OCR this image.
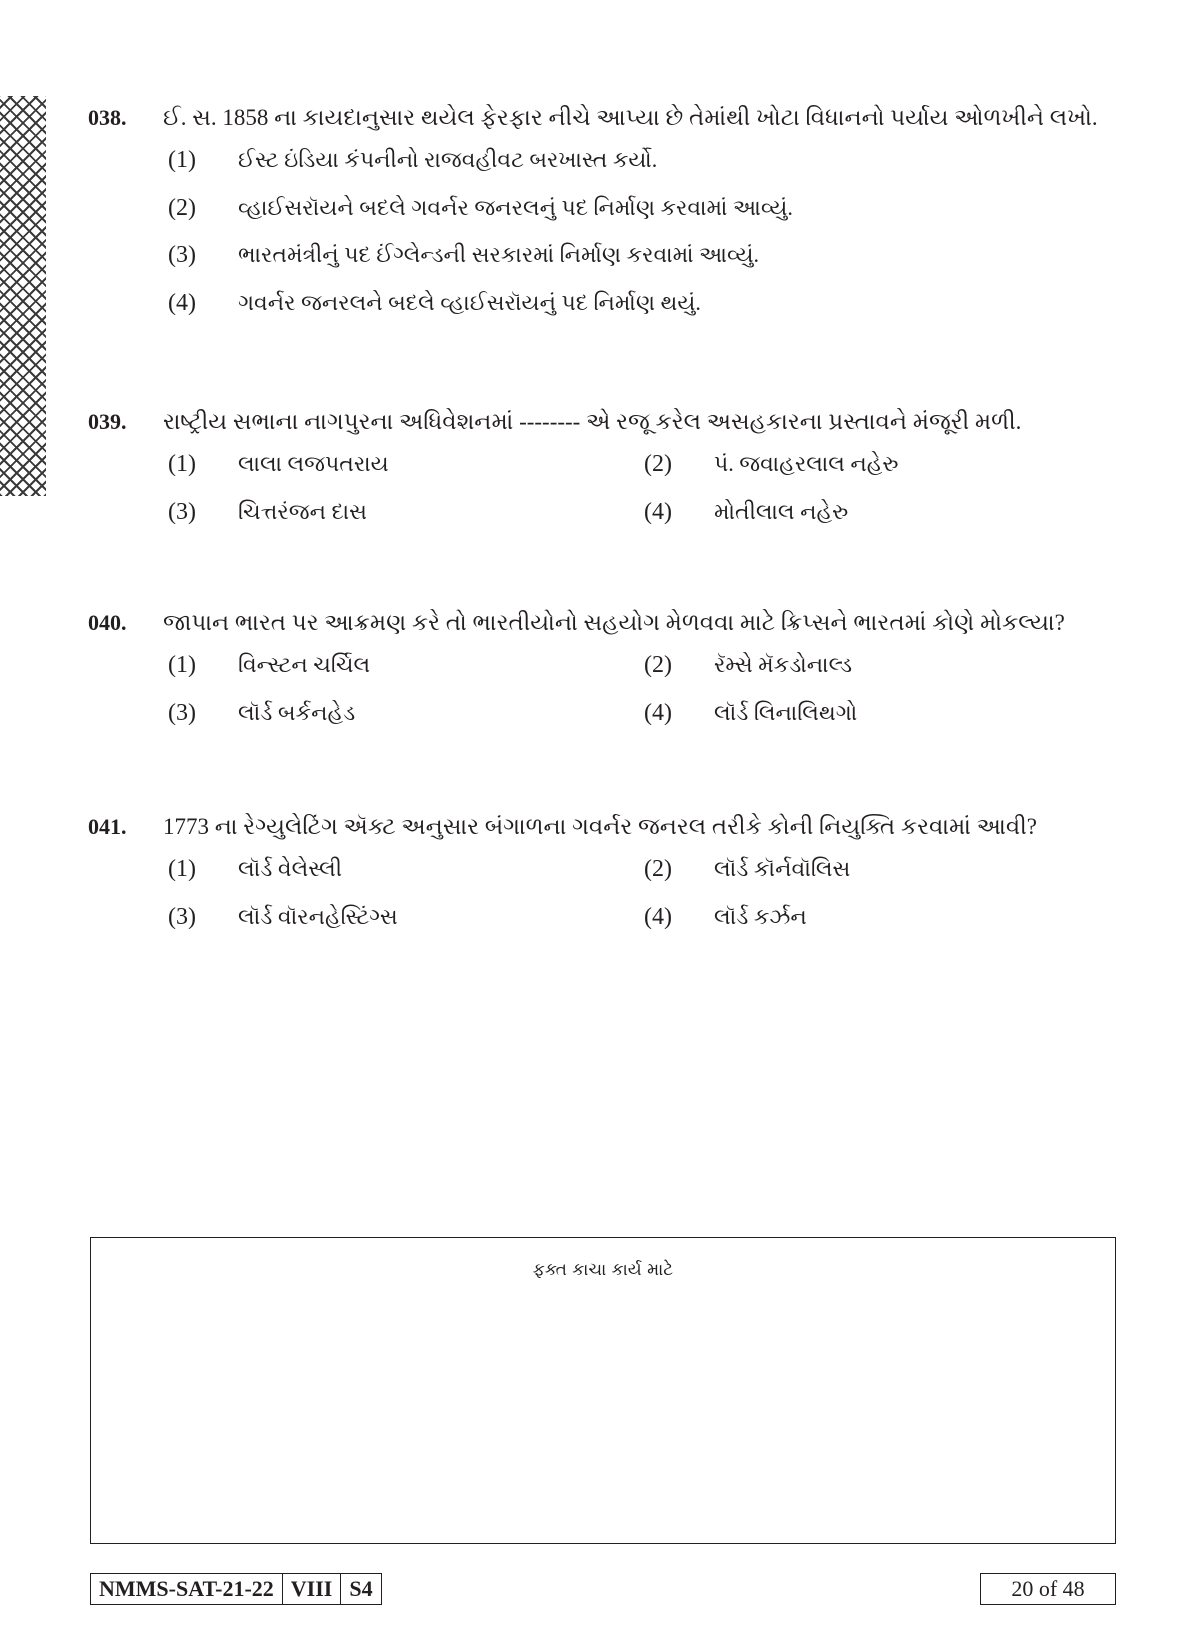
038.	ઈ. સ. 1858 ના કાયદાનુસાર થયેલ ફેરફાર નીચે આપ્યા છે તેમાંથી ખોટા વિધાનનો પર્યાય ઓળખીને લખો.
(1)	ઈસ્ટ ઇંડિયા કંપનીનો રાજવહીવટ બરખાસ્ત કર્યો.
(2)	વ્હાઈસરૉયને બદલે ગવર્નર જનરલનું પદ નિર્માણ કરવામાં આવ્યું.
(3)	ભારતમંત્રીનું પદ ઈંગ્લેન્ડની સરકારમાં નિર્માણ કરવામાં આવ્યું.
(4)	ગવર્નર જનરલને બદલે વ્હાઈસરૉયનું પદ નિર્માણ થયું.
039.	રાષ્ટ્રીય સભાના નાગપુરના અધિવેશનમાં -------- એ રજૂ કરેલ અસહકારના પ્રસ્તાવને મંજૂરી મળી.
(1)	લાલા લજપતરાય	(2)	પં. જવાહરલાલ નહેરુ
(3)	ચિત્તરંજન દાસ	(4)	મોતીલાલ નહેરુ
040.	જાપાન ભારત પર આક્રમણ કરે તો ભારતીયોનો સહયોગ મેળવવા માટે ક્રિપ્સને ભારતમાં કોણે મોકલ્યા?
(1)	વિન્સ્ટન ચર્ચિલ	(2)	રૅમ્સે મૅકડોનાલ્ડ
(3)	લૉર્ડ બર્કનહેડ	(4)	લૉર્ડ લિનાલિથગો
041.	1773 ના રેગ્યુલેટિંગ ઍક્ટ અનુસાર બંગાળના ગવર્નર જનરલ તરીકે કોની નિયુક્તિ કરવામાં આવી?
(1)	લૉર્ડ વેલેસ્લી	(2)	લૉર્ડ કૉર્નવૉલિસ
(3)	લૉર્ડ વૉરનહેસ્ટિંગ્સ	(4)	લૉર્ડ કર્ઝન
ફક્ત કાચા કાર્ય માટે
NMMS-SAT-21-22 VIII S4	20 of 48
